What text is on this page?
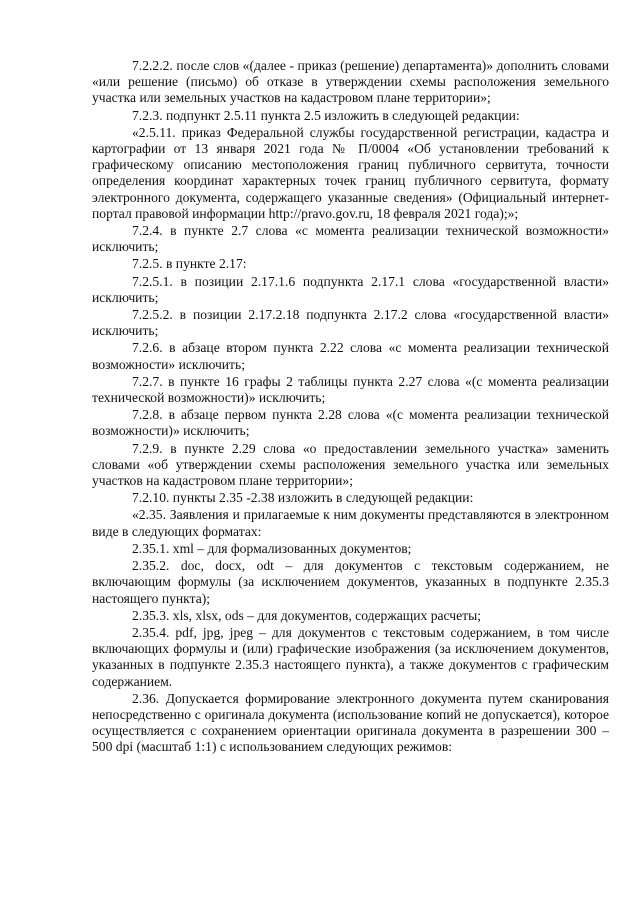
7.2.2.2. после слов «(далее - приказ (решение) департамента)» дополнить словами «или решение (письмо) об отказе в утверждении схемы расположения земельного участка или земельных участков на кадастровом плане территории»;

7.2.3. подпункт 2.5.11 пункта 2.5 изложить в следующей редакции:

«2.5.11. приказ Федеральной службы государственной регистрации, кадастра и картографии от 13 января 2021 года № П/0004 «Об установлении требований к графическому описанию местоположения границ публичного сервитута, точности определения координат характерных точек границ публичного сервитута, формату электронного документа, содержащего указанные сведения» (Официальный интернет-портал правовой информации http://pravo.gov.ru, 18 февраля 2021 года);»;

7.2.4. в пункте 2.7 слова «с момента реализации технической возможности» исключить;

7.2.5. в пункте 2.17:

7.2.5.1. в позиции 2.17.1.6 подпункта 2.17.1 слова «государственной власти» исключить;

7.2.5.2. в позиции 2.17.2.18 подпункта 2.17.2 слова «государственной власти» исключить;

7.2.6. в абзаце втором пункта 2.22 слова «с момента реализации технической возможности» исключить;

7.2.7. в пункте 16 графы 2 таблицы пункта 2.27 слова «(с момента реализации технической возможности)» исключить;

7.2.8. в абзаце первом пункта 2.28 слова «(с момента реализации технической возможности)» исключить;

7.2.9. в пункте 2.29 слова «о предоставлении земельного участка» заменить словами «об утверждении схемы расположения земельного участка или земельных участков на кадастровом плане территории»;

7.2.10. пункты 2.35 -2.38 изложить в следующей редакции:

«2.35. Заявления и прилагаемые к ним документы представляются в электронном виде в следующих форматах:

2.35.1. xml – для формализованных документов;

2.35.2. doc, docx, odt – для документов с текстовым содержанием, не включающим формулы (за исключением документов, указанных в подпункте 2.35.3 настоящего пункта);

2.35.3. xls, xlsx, ods – для документов, содержащих расчеты;

2.35.4. pdf, jpg, jpeg – для документов с текстовым содержанием, в том числе включающих формулы и (или) графические изображения (за исключением документов, указанных в подпункте 2.35.3 настоящего пункта), а также документов с графическим содержанием.

2.36. Допускается формирование электронного документа путем сканирования непосредственно с оригинала документа (использование копий не допускается), которое осуществляется с сохранением ориентации оригинала документа в разрешении 300 – 500 dpi (масштаб 1:1) с использованием следующих режимов:
